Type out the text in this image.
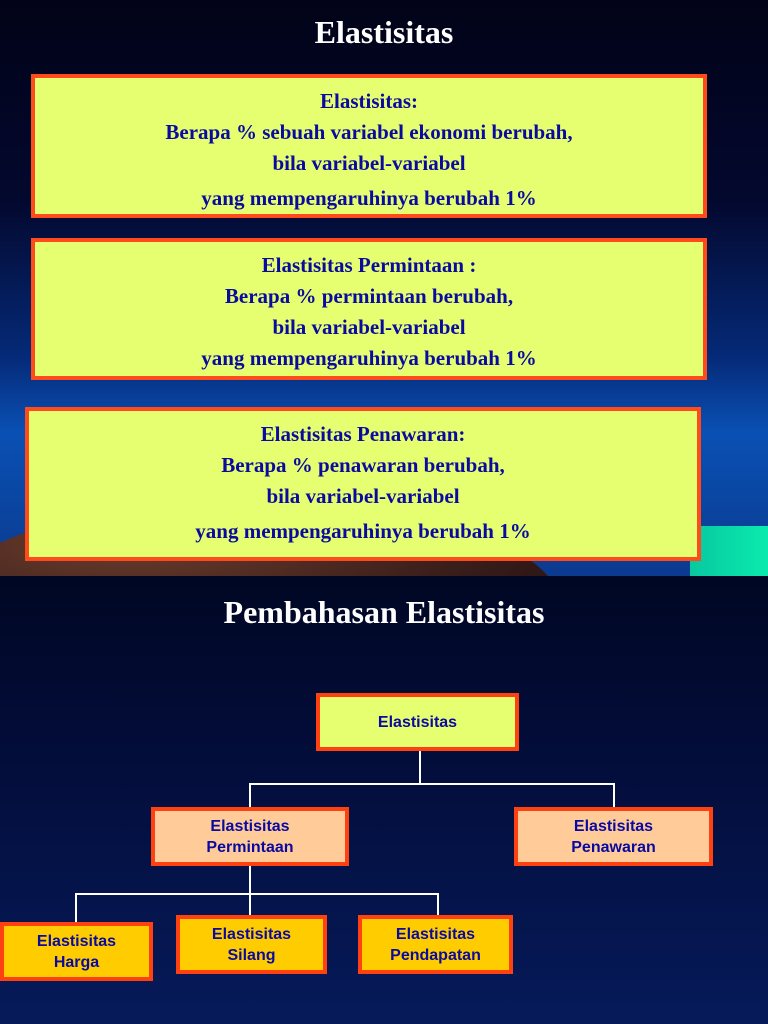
Elastisitas
Elastisitas:
Berapa % sebuah variabel ekonomi berubah,
bila variabel-variabel
yang mempengaruhinya berubah 1%
Elastisitas Permintaan :
Berapa % permintaan berubah,
bila variabel-variabel
yang mempengaruhinya berubah 1%
Elastisitas Penawaran:
Berapa % penawaran berubah,
bila variabel-variabel
yang mempengaruhinya berubah 1%
Pembahasan Elastisitas
Elastisitas
Elastisitas
Permintaan
Elastisitas
Penawaran
Elastisitas
Harga
Elastisitas
Silang
Elastisitas
Pendapatan
